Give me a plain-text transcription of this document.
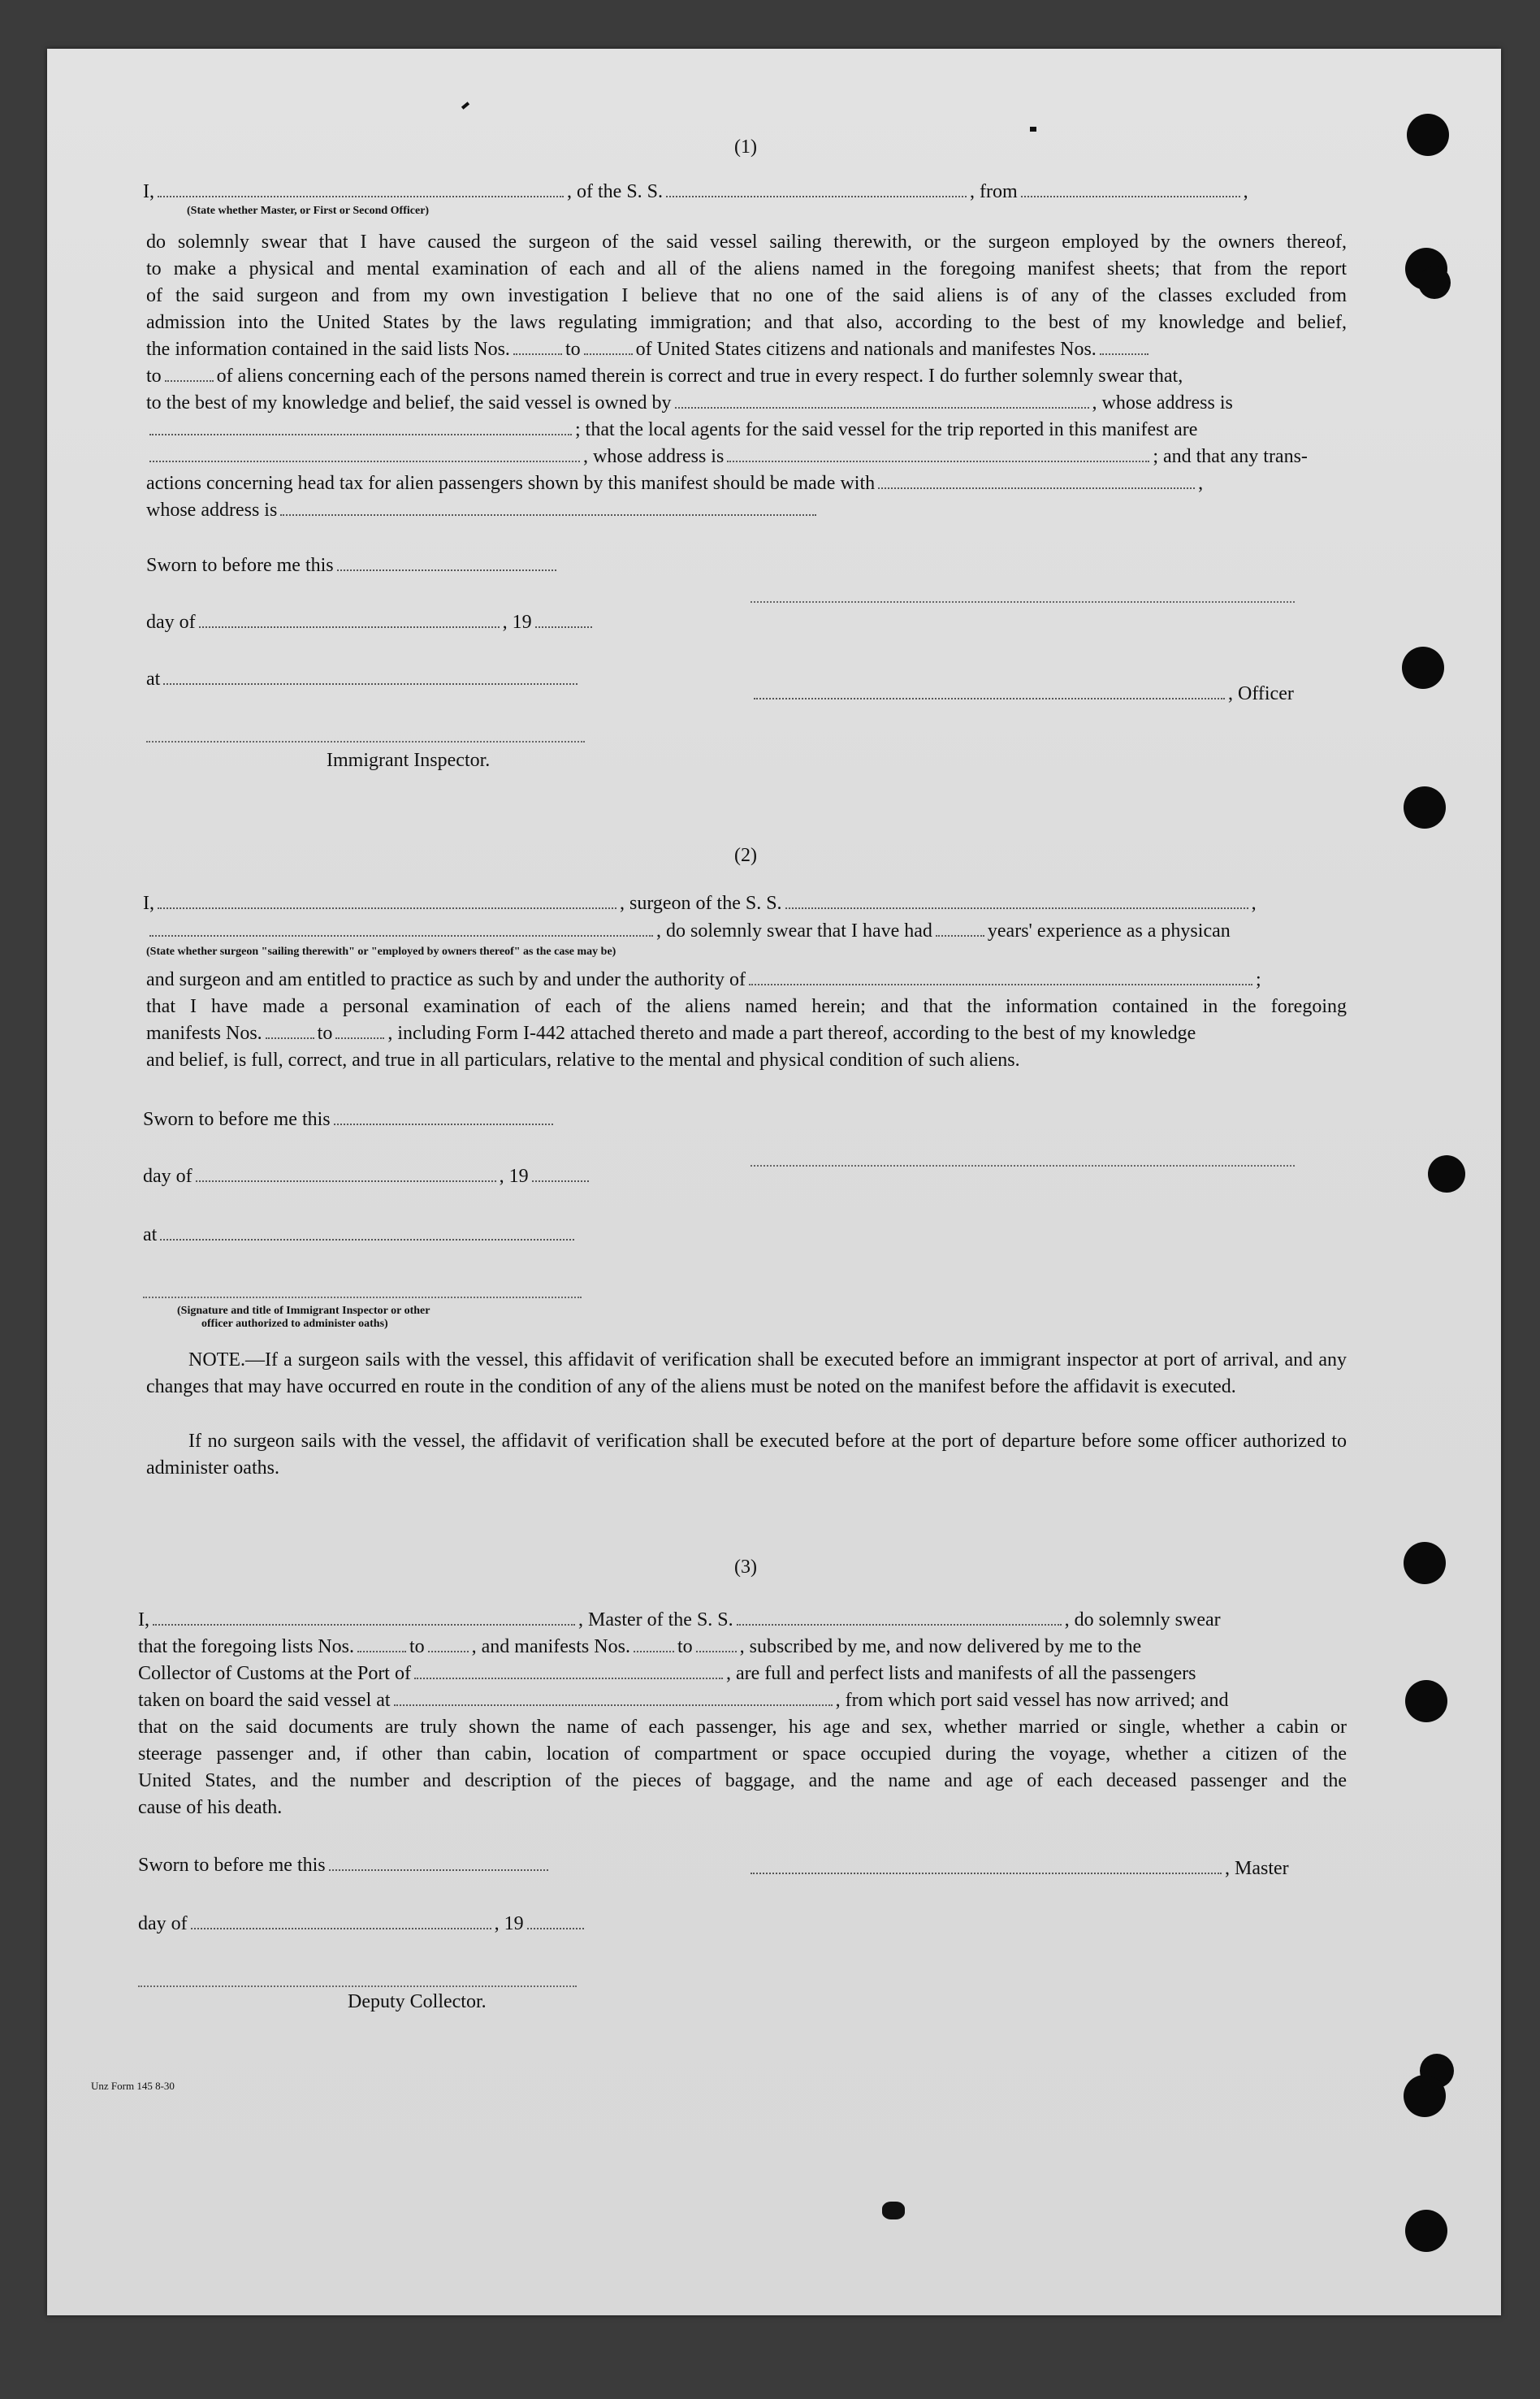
(1)
I,	, of the S. S.	, from	,
(State whether Master, or First or Second Officer)
do solemnly swear that I have caused the surgeon of the said vessel sailing therewith, or the surgeon employed by the owners thereof,
to make a physical and mental examination of each and all of the aliens named in the foregoing manifest sheets; that from the report
of the said surgeon and from my own investigation I believe that no one of the said aliens is of any of the classes excluded from
admission into the United States by the laws regulating immigration; and that also, according to the best of my knowledge and belief,
the information contained in the said lists Nos.	to	of United States citizens and nationals and manifestes Nos.
to	of aliens concerning each of the persons named therein is correct and true in every respect. I do further solemnly swear that,
to the best of my knowledge and belief, the said vessel is owned by	, whose address is
; that the local agents for the said vessel for the trip reported in this manifest are
, whose address is	; and that any trans-
actions concerning head tax for alien passengers shown by this manifest should be made with	,
whose address is
Sworn to before me this
day of	, 19
at
, Officer
Immigrant Inspector.
(2)
I,	, surgeon of the S. S.	,
, do solemnly swear that I have had	years' experience as a physican
(State whether surgeon "sailing therewith" or "employed by owners thereof" as the case may be)
and surgeon and am entitled to practice as such by and under the authority of	;
that I have made a personal examination of each of the aliens named herein; and that the information contained in the foregoing
manifests Nos.	to	, including Form I-442 attached thereto and made a part thereof, according to the best of my knowledge
and belief, is full, correct, and true in all particulars, relative to the mental and physical condition of such aliens.
Sworn to before me this
day of	, 19
at
(Signature and title of Immigrant Inspector or other
officer authorized to administer oaths)
NOTE.—If a surgeon sails with the vessel, this affidavit of verification shall be executed before an immigrant inspector at port of arrival, and any changes that may have occurred en route in the condition of any of the aliens must be noted on the manifest before the affidavit is executed.
If no surgeon sails with the vessel, the affidavit of verification shall be executed before at the port of departure before some officer authorized to administer oaths.
(3)
I,	, Master of the S. S.	, do solemnly swear
that the foregoing lists Nos.	to , and manifests Nos. to , subscribed by me, and now delivered by me to the
Collector of Customs at the Port of	, are full and perfect lists and manifests of all the passengers
taken on board the said vessel at	, from which port said vessel has now arrived; and
that on the said documents are truly shown the name of each passenger, his age and sex, whether married or single, whether a cabin or
steerage passenger and, if other than cabin, location of compartment or space occupied during the voyage, whether a citizen of the
United States, and the number and description of the pieces of baggage, and the name and age of each deceased passenger and the
cause of his death.
Sworn to before me this	, Master
day of	, 19
Deputy Collector.
Unz Form 145 8-30
